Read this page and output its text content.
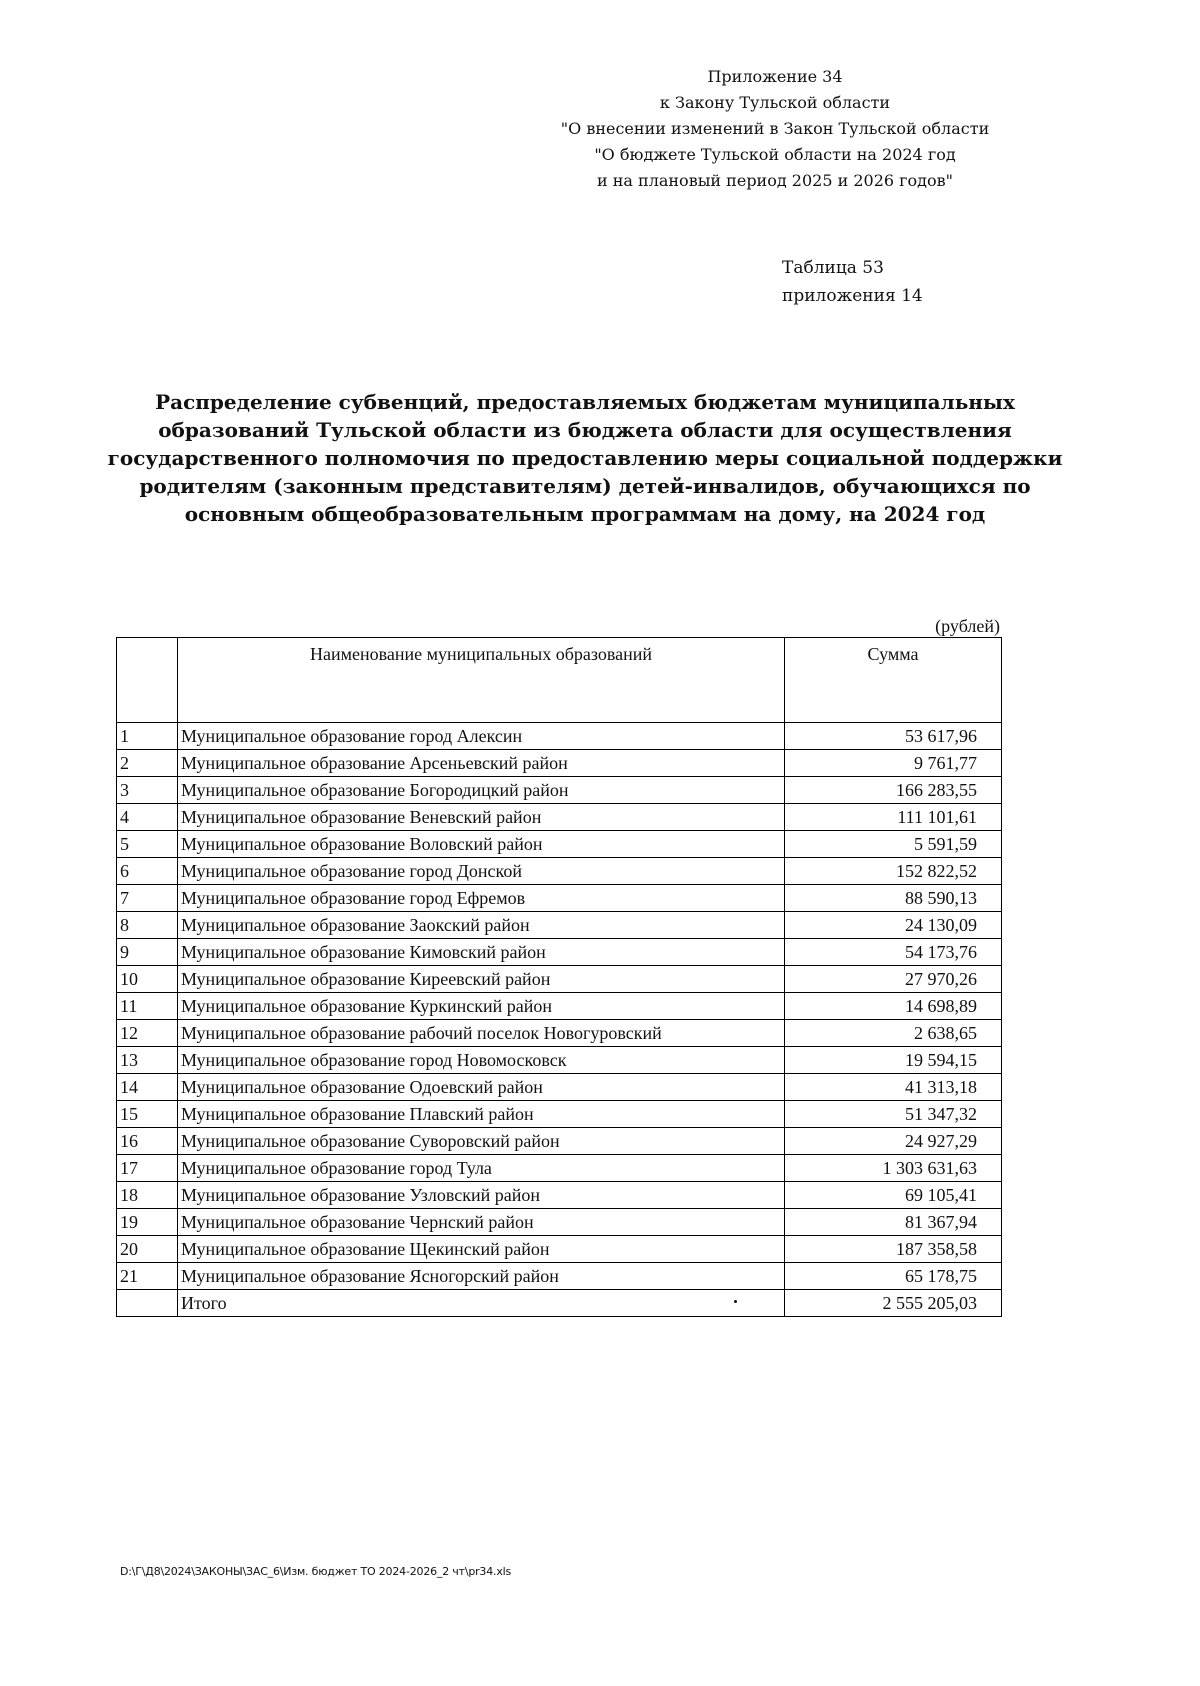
Приложение 34
к Закону Тульской области
"О внесении изменений в Закон Тульской области
"О бюджете Тульской области на 2024 год
и на плановый период 2025 и 2026 годов"
Таблица 53
приложения 14
Распределение субвенций, предоставляемых бюджетам муниципальных
образований Тульской области из бюджета области для осуществления
государственного полномочия по предоставлению меры социальной поддержки
родителям (законным представителям) детей-инвалидов, обучающихся по
основным общеобразовательным программам на дому, на 2024 год
(рублей)
	Наименование муниципальных образований	Сумма
1	Муниципальное образование город Алексин	53 617,96
2	Муниципальное образование Арсеньевский район	9 761,77
3	Муниципальное образование Богородицкий район	166 283,55
4	Муниципальное образование Веневский район	111 101,61
5	Муниципальное образование Воловский район	5 591,59
6	Муниципальное образование город Донской	152 822,52
7	Муниципальное образование город Ефремов	88 590,13
8	Муниципальное образование Заокский район	24 130,09
9	Муниципальное образование Кимовский район	54 173,76
10	Муниципальное образование Киреевский район	27 970,26
11	Муниципальное образование Куркинский район	14 698,89
12	Муниципальное образование рабочий поселок Новогуровский	2 638,65
13	Муниципальное образование город Новомосковск	19 594,15
14	Муниципальное образование Одоевский район	41 313,18
15	Муниципальное образование Плавский район	51 347,32
16	Муниципальное образование Суворовский район	24 927,29
17	Муниципальное образование город Тула	1 303 631,63
18	Муниципальное образование Узловский район	69 105,41
19	Муниципальное образование Чернский район	81 367,94
20	Муниципальное образование Щекинский район	187 358,58
21	Муниципальное образование Ясногорский район	65 178,75
	Итого	2 555 205,03
D:\Г\Д8\2024\ЗАКОНЫ\ЗАС_6\Изм. бюджет ТО 2024-2026_2 чт\pr34.xls
